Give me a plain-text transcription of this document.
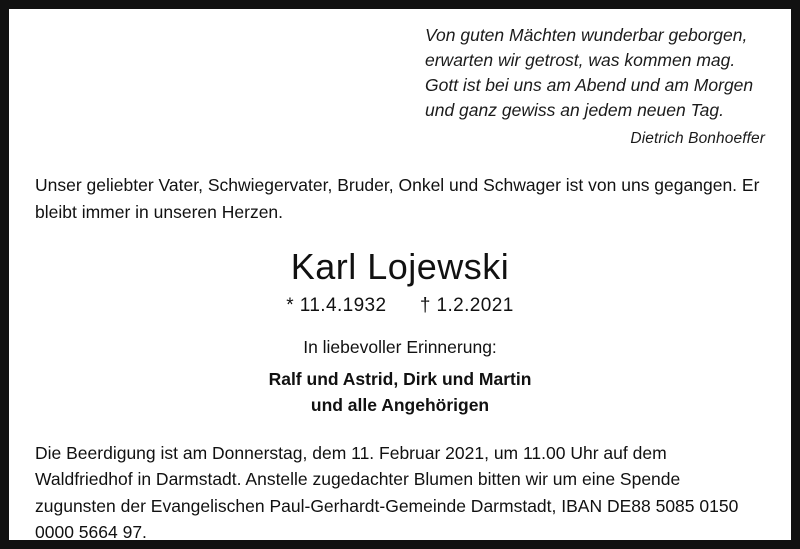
Von guten Mächten wunderbar geborgen,
erwarten wir getrost, was kommen mag.
Gott ist bei uns am Abend und am Morgen
und ganz gewiss an jedem neuen Tag.
Dietrich Bonhoeffer
Unser geliebter Vater, Schwiegervater, Bruder, Onkel und Schwager ist von uns gegangen. Er bleibt immer in unseren Herzen.
Karl Lojewski
* 11.4.1932 † 1.2.2021
In liebevoller Erinnerung:
Ralf und Astrid, Dirk und Martin
und alle Angehörigen
Die Beerdigung ist am Donnerstag, dem 11. Februar 2021, um 11.00 Uhr auf dem Waldfriedhof in Darmstadt. Anstelle zugedachter Blumen bitten wir um eine Spende zugunsten der Evangelischen Paul-Gerhardt-Gemeinde Darmstadt, IBAN DE88 5085 0150 0000 5664 97.
